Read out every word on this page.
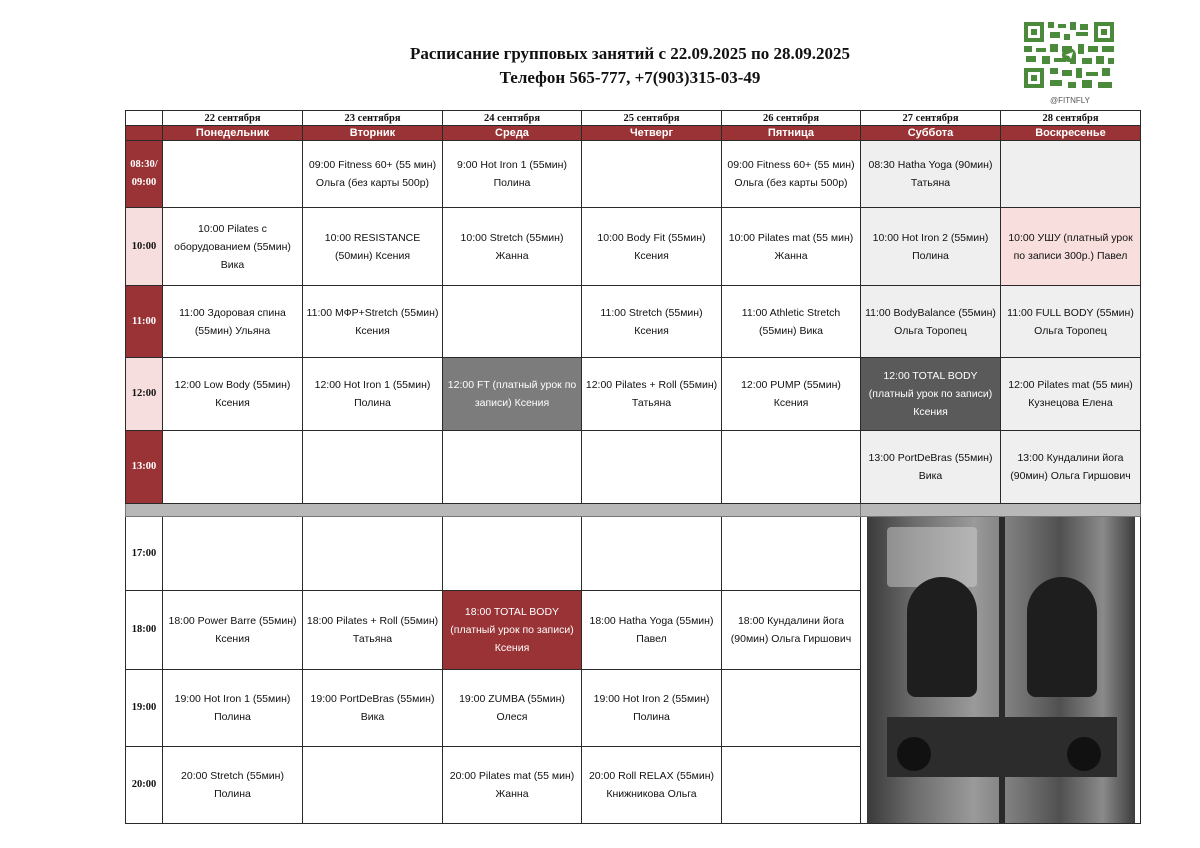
Расписание групповых занятий с 22.09.2025 по 28.09.2025
Телефон 565-777, +7(903)315-03-49
@FITNFLY
	22 сентября	23 сентября	24 сентября	25 сентября	26 сентября	27 сентября	28 сентября
	Понедельник	Вторник	Среда	Четверг	Пятница	Суббота	Воскресенье
08:30/ 09:00		09:00 Fitness 60+ (55 мин) Ольга (без карты 500р)	9:00 Hot Iron 1 (55мин) Полина		09:00 Fitness 60+ (55 мин) Ольга (без карты 500р)	08:30 Hatha Yoga (90мин) Татьяна	
10:00	10:00 Pilates с оборудованием (55мин) Вика	10:00 RESISTANCE (50мин) Ксения	10:00 Stretch (55мин) Жанна	10:00 Body Fit (55мин) Ксения	10:00 Pilates mat (55 мин) Жанна	10:00 Hot Iron 2 (55мин) Полина	10:00 УШУ (платный урок по записи 300р.) Павел
11:00	11:00 Здоровая спина (55мин) Ульяна	11:00 МФР+Stretch (55мин) Ксения		11:00 Stretch (55мин) Ксения	11:00 Athletic Stretch (55мин) Вика	11:00 BodyBalance (55мин) Ольга Торопец	11:00 FULL BODY (55мин) Ольга Торопец
12:00	12:00 Low Body (55мин) Ксения	12:00 Hot Iron 1 (55мин) Полина	12:00 FT (платный урок по записи) Ксения	12:00 Pilates + Roll (55мин) Татьяна	12:00 PUMP (55мин) Ксения	12:00 TOTAL BODY (платный урок по записи) Ксения	12:00 Pilates mat (55 мин) Кузнецова Елена
13:00						13:00 PortDeBras (55мин) Вика	13:00 Кундалини йога (90мин) Ольга Гиршович

17:00							

18:00	18:00 Power Barre (55мин) Ксения	18:00 Pilates + Roll (55мин) Татьяна	18:00 TOTAL BODY (платный урок по записи) Ксения	18:00 Hatha Yoga (55мин) Павел	18:00 Кундалини йога (90мин) Ольга Гиршович		
19:00	19:00 Hot Iron 1 (55мин) Полина	19:00 PortDeBras (55мин) Вика	19:00 ZUMBA (55мин) Олеся	19:00 Hot Iron 2 (55мин) Полина			
20:00	20:00 Stretch (55мин) Полина		20:00 Pilates mat (55 мин) Жанна	20:00 Roll RELAX (55мин) Книжникова Ольга			
